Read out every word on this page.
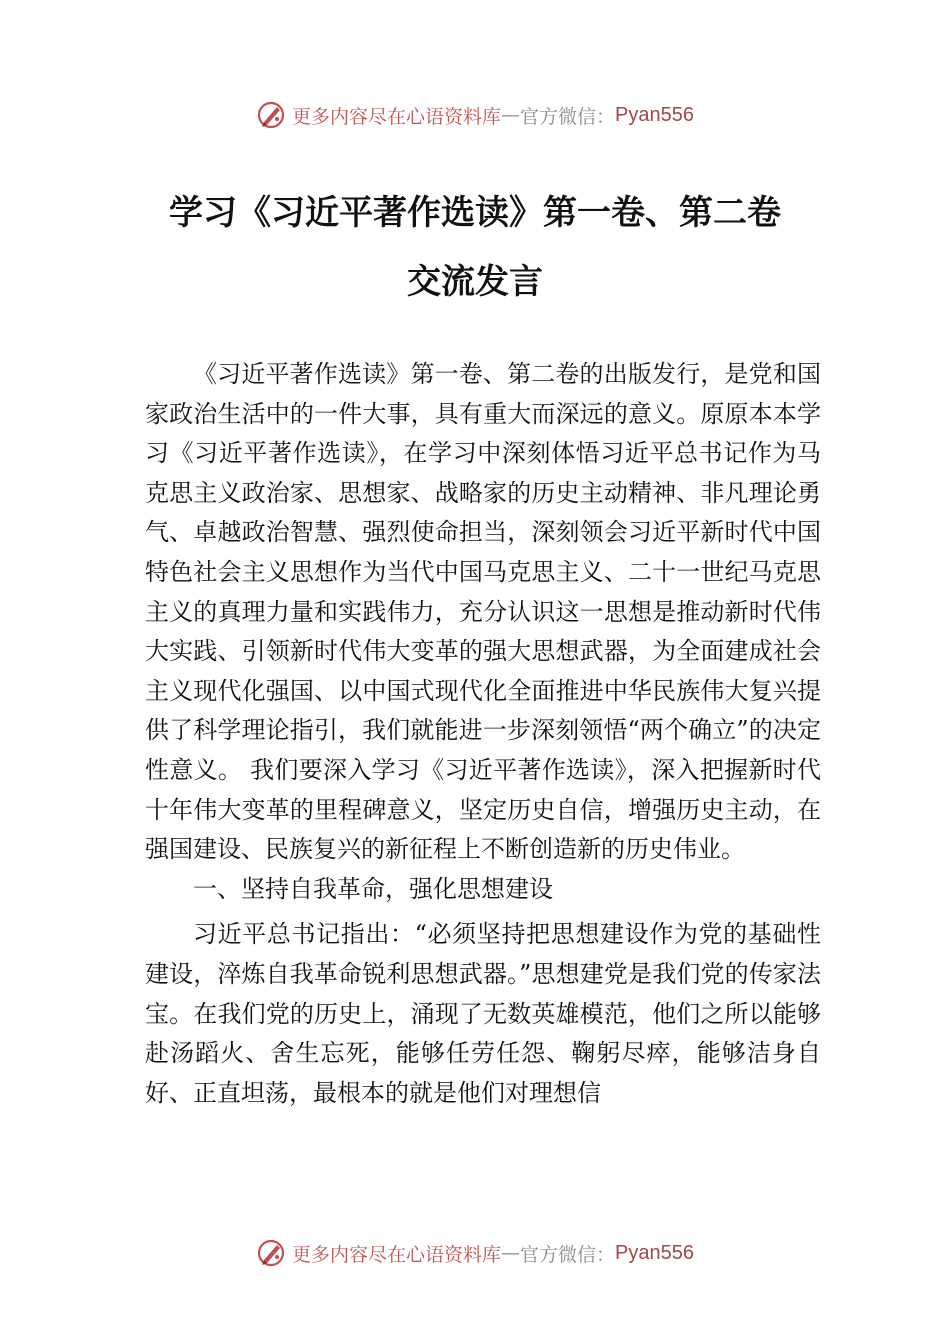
更多内容尽在心语资料库 — 官方微信： Pyan556
学习《习近平著作选读》第一卷、第二卷
交流发言

《习近平著作选读》第一卷、第二卷的出版发行，是党和国家政治生活中的一件大事，具有重大而深远的意义。原原本本学习《习近平著作选读》，在学习中深刻体悟习近平总书记作为马克思主义政治家、思想家、战略家的历史主动精神、非凡理论勇气、卓越政治智慧、强烈使命担当，深刻领会习近平新时代中国特色社会主义思想作为当代中国马克思主义、二十一世纪马克思主义的真理力量和实践伟力，充分认识这一思想是推动新时代伟大实践、引领新时代伟大变革的强大思想武器，为全面建成社会主义现代化强国、以中国式现代化全面推进中华民族伟大复兴提供了科学理论指引，我们就能进一步深刻领悟“两个确立”的决定性意义。 我们要深入学习《习近平著作选读》，深入把握新时代十年伟大变革的里程碑意义，坚定历史自信，增强历史主动，在强国建设、民族复兴的新征程上不断创造新的历史伟业。

一、坚持自我革命，强化思想建设

习近平总书记指出：“必须坚持把思想建设作为党的基础性建设，淬炼自我革命锐利思想武器。”思想建党是我们党的传家法宝。在我们党的历史上，涌现了无数英雄模范，他们之所以能够赴汤蹈火、舍生忘死，能够任劳任怨、鞠躬尽瘁，能够洁身自好、正直坦荡，最根本的就是他们对理想信

更多内容尽在心语资料库 — 官方微信： Pyan556
